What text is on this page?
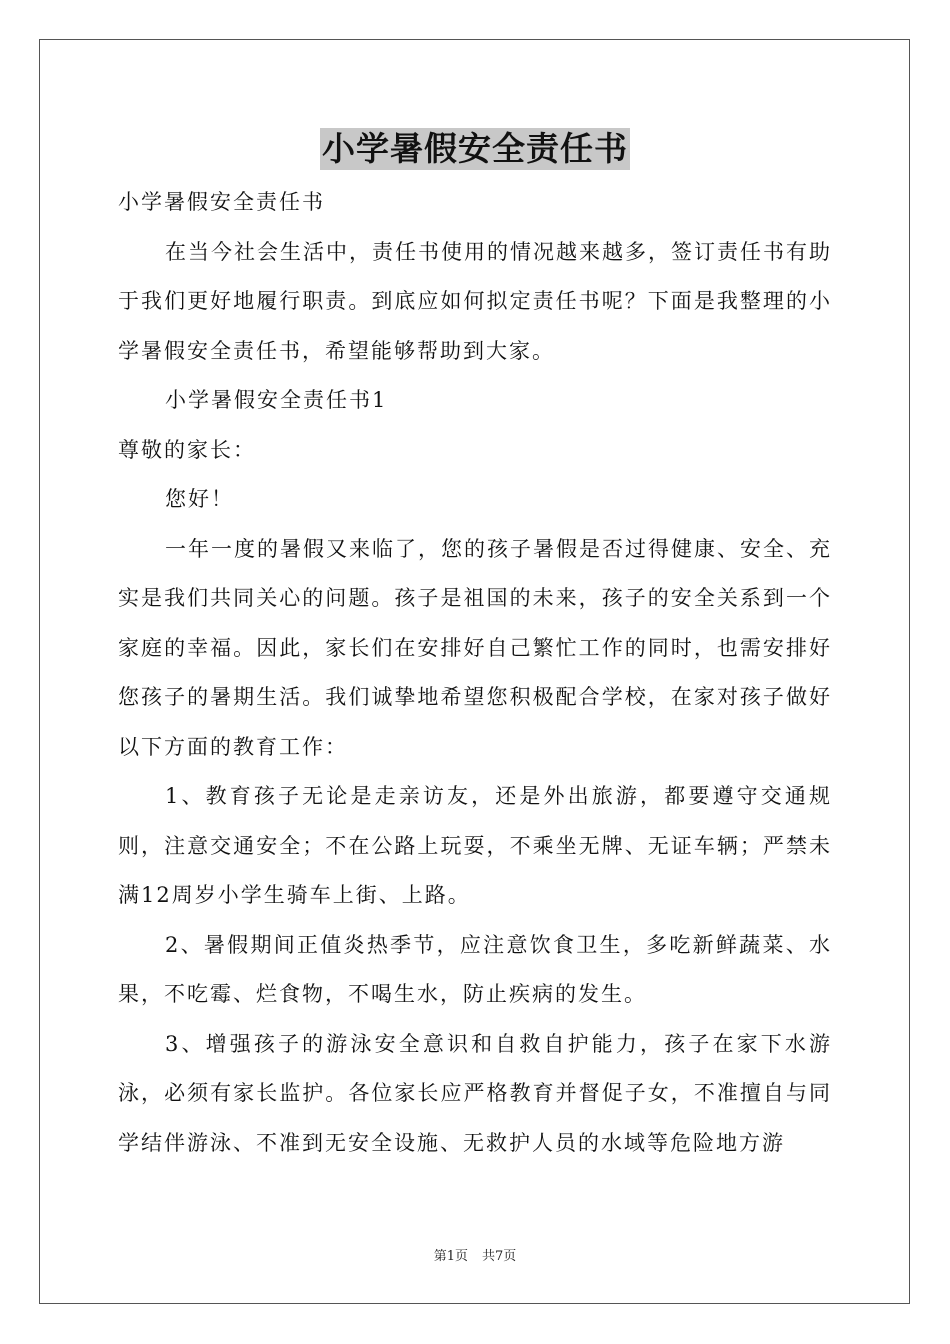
小学暑假安全责任书

小学暑假安全责任书

在当今社会生活中，责任书使用的情况越来越多，签订责任书有助于我们更好地履行职责。到底应如何拟定责任书呢？下面是我整理的小学暑假安全责任书，希望能够帮助到大家。

小学暑假安全责任书1

尊敬的家长：

您好！

一年一度的暑假又来临了，您的孩子暑假是否过得健康、安全、充实是我们共同关心的问题。孩子是祖国的未来，孩子的安全关系到一个家庭的幸福。因此，家长们在安排好自己繁忙工作的同时，也需安排好您孩子的暑期生活。我们诚挚地希望您积极配合学校，在家对孩子做好以下方面的教育工作：

1、教育孩子无论是走亲访友，还是外出旅游，都要遵守交通规则，注意交通安全；不在公路上玩耍，不乘坐无牌、无证车辆；严禁未满12周岁小学生骑车上街、上路。

2、暑假期间正值炎热季节，应注意饮食卫生，多吃新鲜蔬菜、水果，不吃霉、烂食物，不喝生水，防止疾病的发生。

3、增强孩子的游泳安全意识和自救自护能力，孩子在家下水游泳，必须有家长监护。各位家长应严格教育并督促子女，不准擅自与同学结伴游泳、不准到无安全设施、无救护人员的水域等危险地方游

第1页 共7页
